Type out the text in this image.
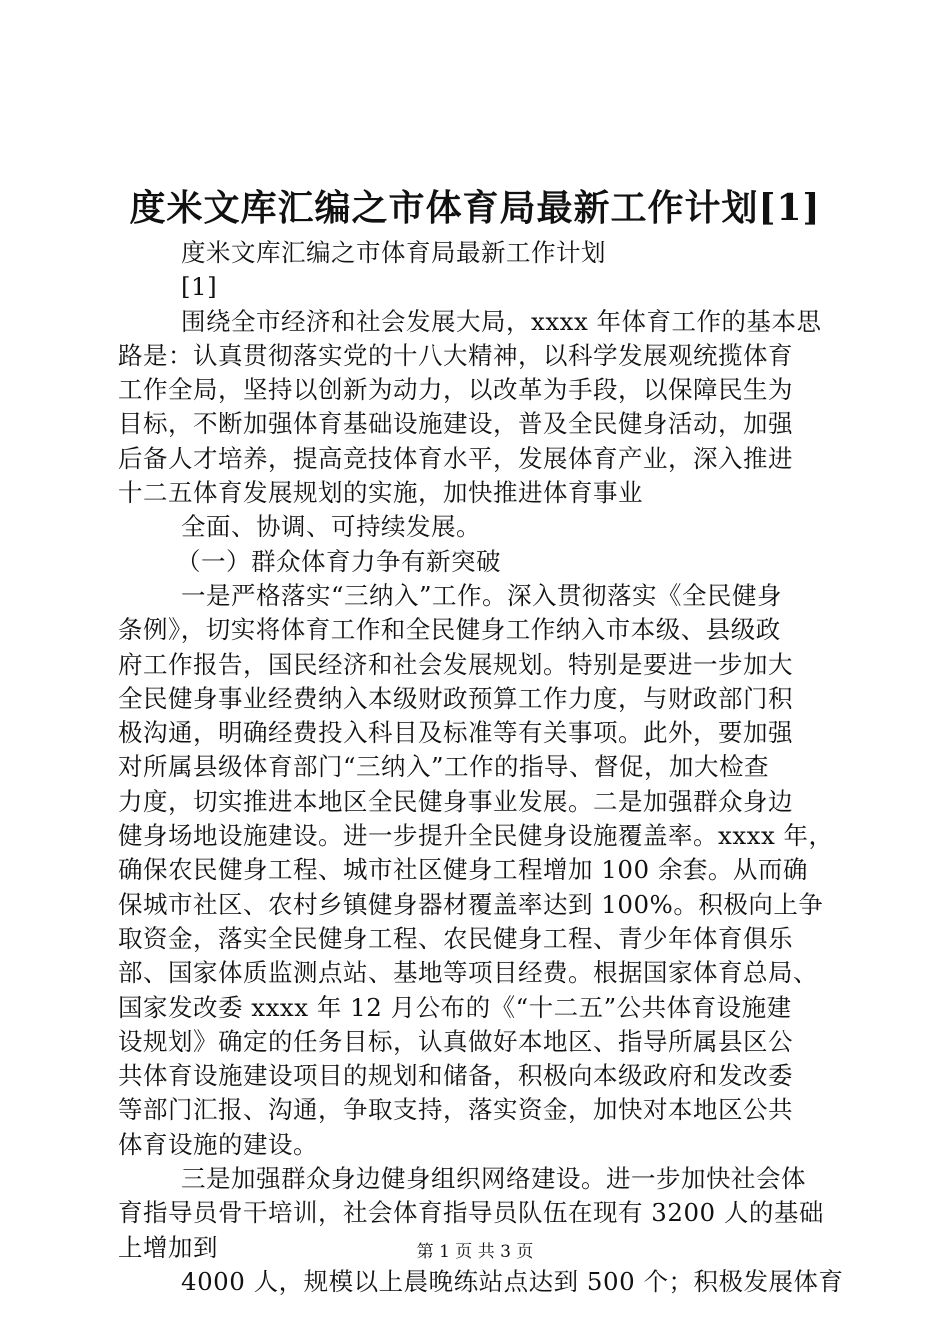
度米文库汇编之市体育局最新工作计划[1]
度米文库汇编之市体育局最新工作计划
[1]
围绕全市经济和社会发展大局，xxxx 年体育工作的基本思
路是：认真贯彻落实党的十八大精神，以科学发展观统揽体育
工作全局，坚持以创新为动力，以改革为手段，以保障民生为
目标，不断加强体育基础设施建设，普及全民健身活动，加强
后备人才培养，提高竞技体育水平，发展体育产业，深入推进
十二五体育发展规划的实施，加快推进体育事业
全面、协调、可持续发展。
（一）群众体育力争有新突破
一是严格落实“三纳入”工作。深入贯彻落实《全民健身
条例》，切实将体育工作和全民健身工作纳入市本级、县级政
府工作报告，国民经济和社会发展规划。特别是要进一步加大
全民健身事业经费纳入本级财政预算工作力度，与财政部门积
极沟通，明确经费投入科目及标准等有关事项。此外，要加强
对所属县级体育部门“三纳入”工作的指导、督促，加大检查
力度，切实推进本地区全民健身事业发展。二是加强群众身边
健身场地设施建设。进一步提升全民健身设施覆盖率。xxxx 年，
确保农民健身工程、城市社区健身工程增加 100 余套。从而确
保城市社区、农村乡镇健身器材覆盖率达到 100%。积极向上争
取资金，落实全民健身工程、农民健身工程、青少年体育俱乐
部、国家体质监测点站、基地等项目经费。根据国家体育总局、
国家发改委 xxxx 年 12 月公布的《“十二五”公共体育设施建
设规划》确定的任务目标，认真做好本地区、指导所属县区公
共体育设施建设项目的规划和储备，积极向本级政府和发改委
等部门汇报、沟通，争取支持，落实资金，加快对本地区公共
体育设施的建设。
三是加强群众身边健身组织网络建设。进一步加快社会体
育指导员骨干培训，社会体育指导员队伍在现有 3200 人的基础
上增加到
4000 人，规模以上晨晚练站点达到 500 个；积极发展体育
第 1 页 共 3 页
